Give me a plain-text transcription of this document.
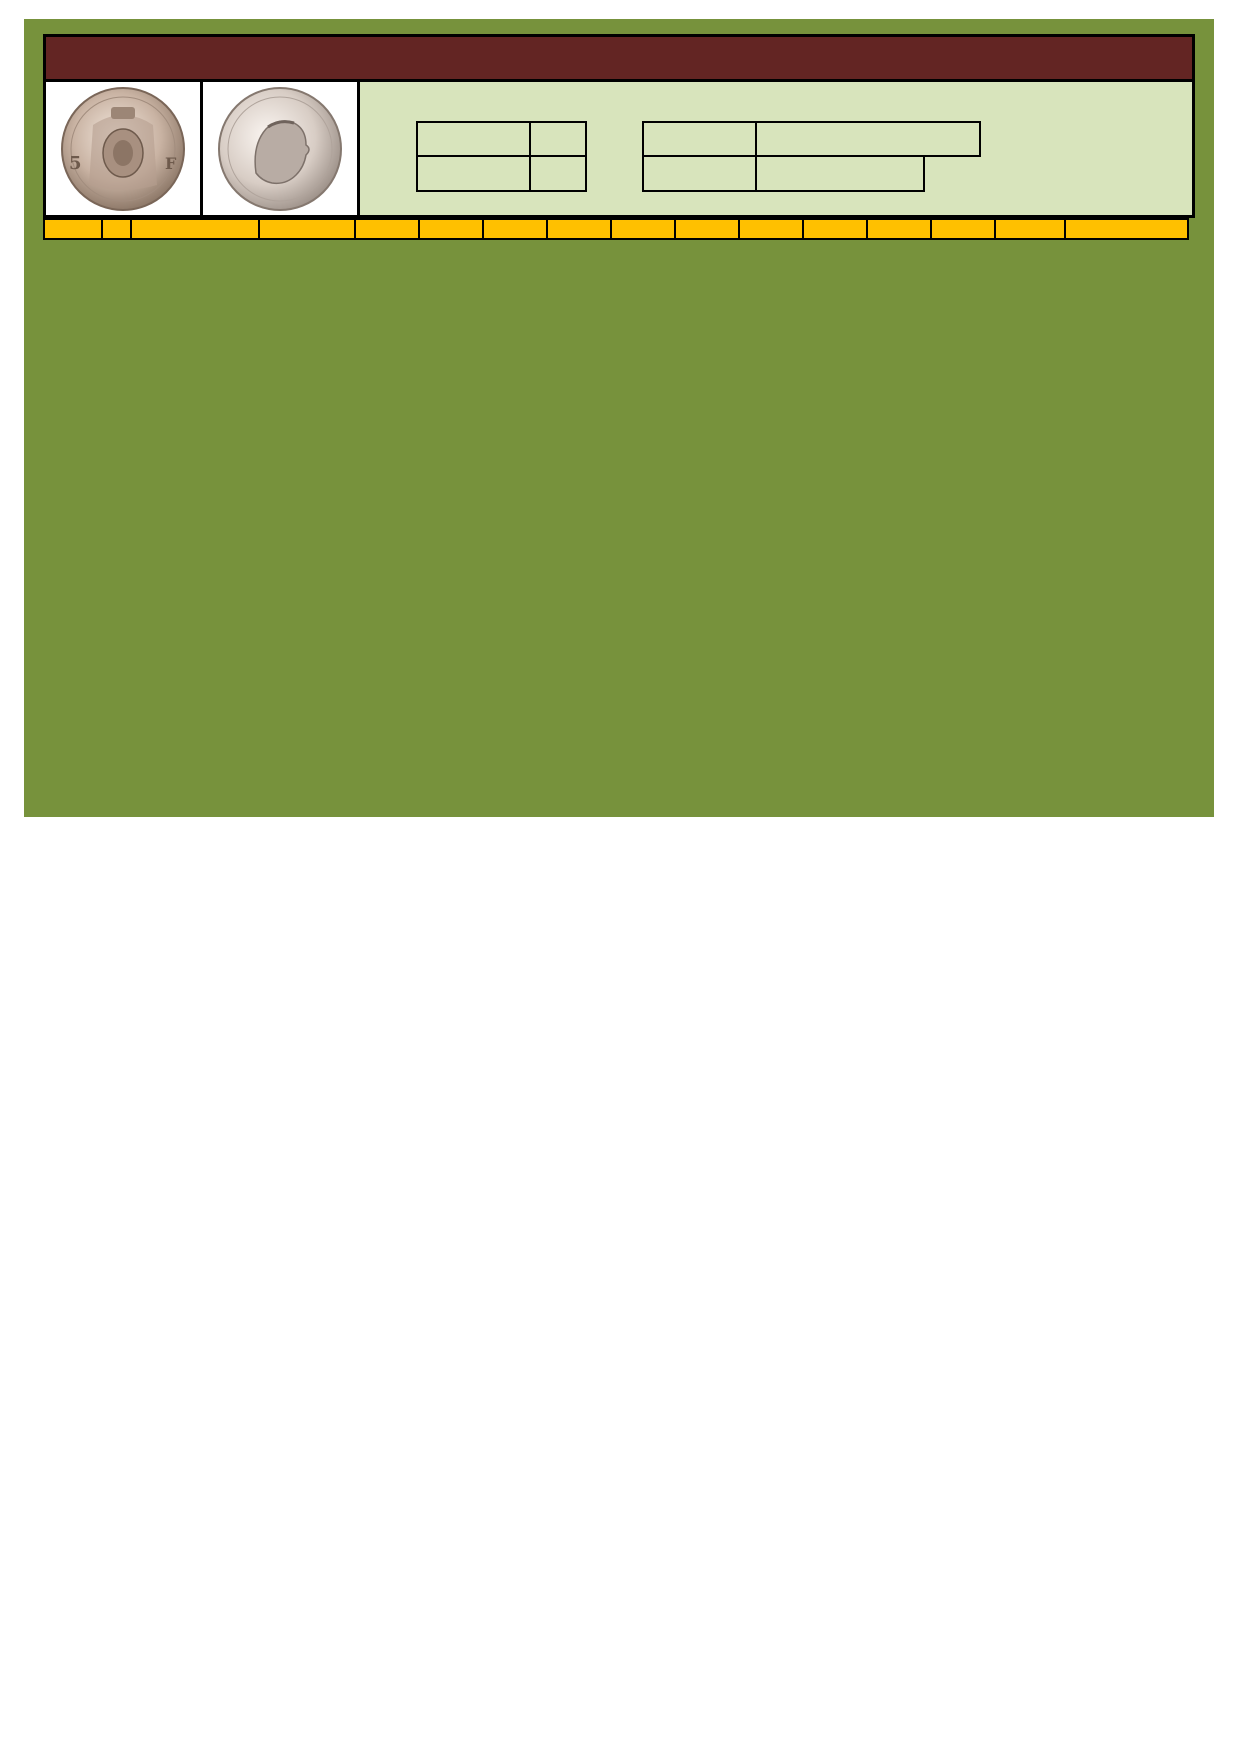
5	F
